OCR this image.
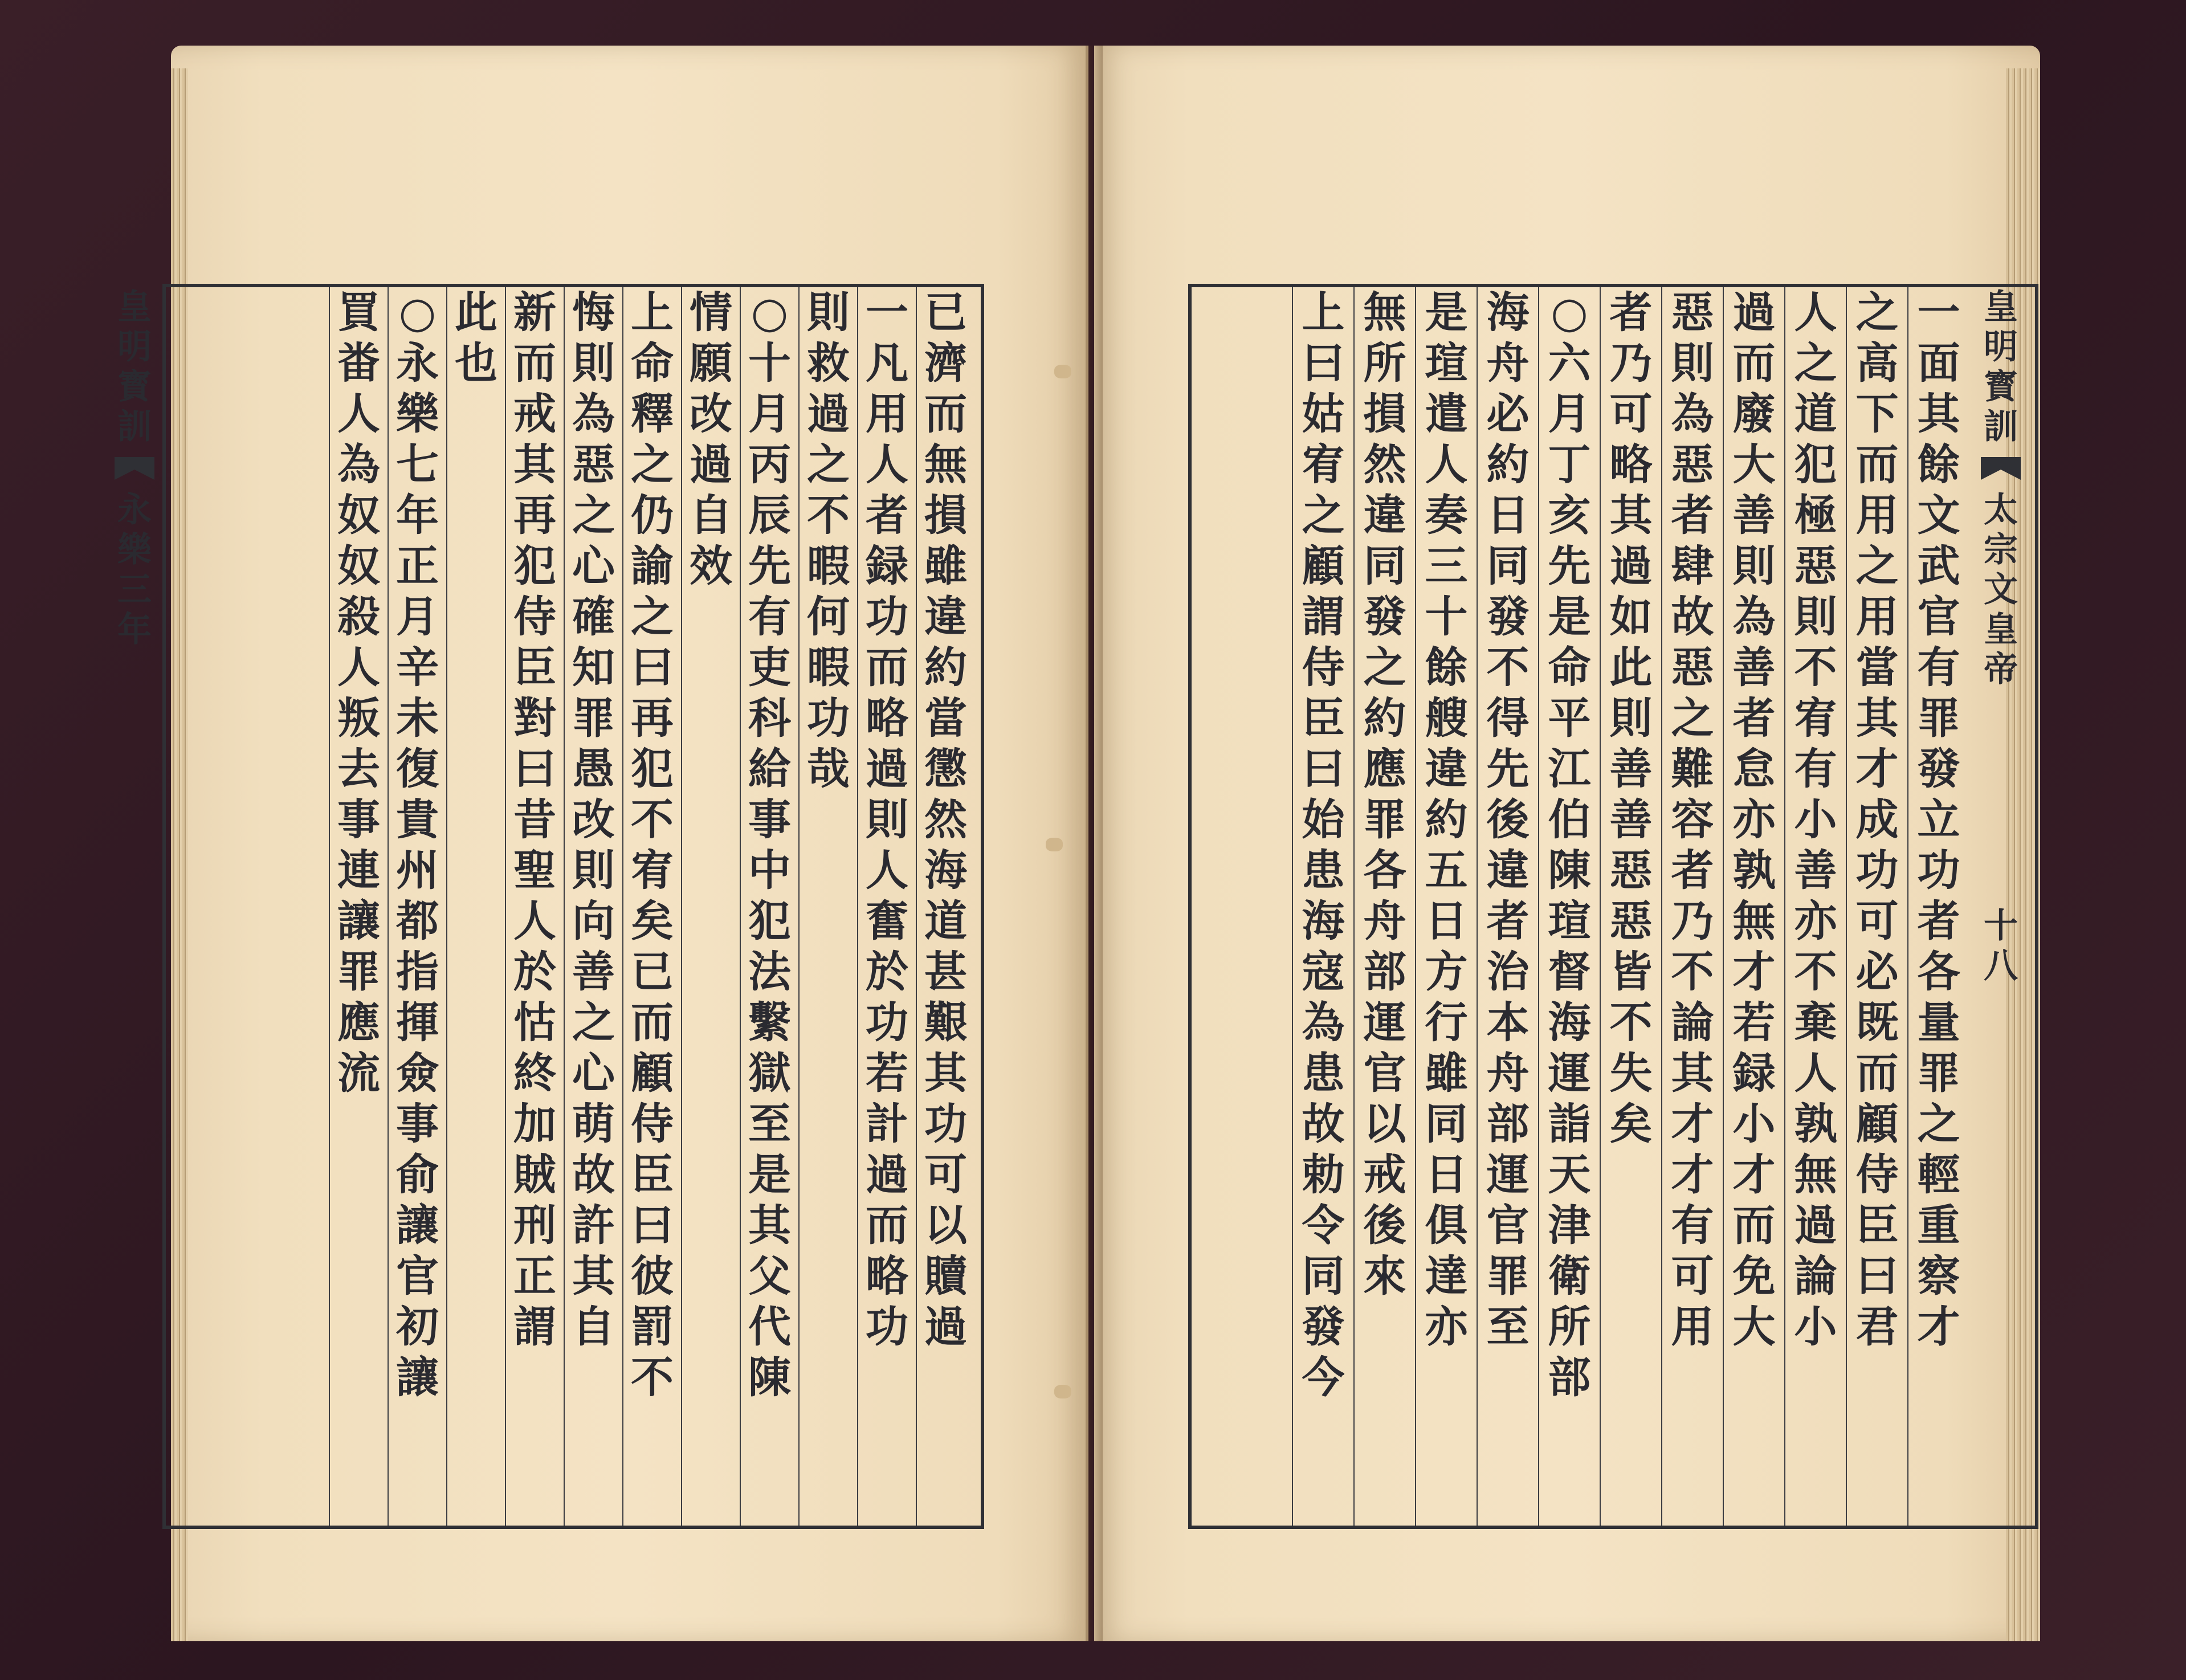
已
濟
而
無
損
雖
違
約
當
懲
然
海
道
甚
艱
其
功
可
以
贖
過
一
凡
用
人
者
録
功
而
略
過
則
人
奮
於
功
若
計
過
而
略
功
則
救
過
之
不
暇
何
暇
功
哉
○
十
月
丙
辰
先
有
吏
科
給
事
中
犯
法
繫
獄
至
是
其
父
代
陳
情
願
改
過
自
效
上
命
釋
之
仍
諭
之
曰
再
犯
不
宥
矣
已
而
顧
侍
臣
曰
彼
罰
不
悔
則
為
惡
之
心
確
知
罪
愚
改
則
向
善
之
心
萌
故
許
其
自
新
而
戒
其
再
犯
侍
臣
對
曰
昔
聖
人
於
怙
終
加
賊
刑
正
謂
此
也
○
永
樂
七
年
正
月
辛
未
復
貴
州
都
指
揮
僉
事
俞
讓
官
初
讓
買
畨
人
為
奴
奴
殺
人
叛
去
事
連
讓
罪
應
流
皇
明
寳
訓
永
樂
三
年
一
面
其
餘
文
武
官
有
罪
發
立
功
者
各
量
罪
之
輕
重
察
才
之
高
下
而
用
之
用
當
其
才
成
功
可
必
既
而
顧
侍
臣
曰
君
人
之
道
犯
極
惡
則
不
宥
有
小
善
亦
不
棄
人
孰
無
過
論
小
過
而
廢
大
善
則
為
善
者
怠
亦
孰
無
才
若
録
小
才
而
免
大
惡
則
為
惡
者
肆
故
惡
之
難
容
者
乃
不
論
其
才
才
有
可
用
者
乃
可
略
其
過
如
此
則
善
善
惡
惡
皆
不
失
矣
○
六
月
丁
亥
先
是
命
平
江
伯
陳
瑄
督
海
運
詣
天
津
衛
所
部
海
舟
必
約
日
同
發
不
得
先
後
違
者
治
本
舟
部
運
官
罪
至
是
瑄
遣
人
奏
三
十
餘
艘
違
約
五
日
方
行
雖
同
日
俱
達
亦
無
所
損
然
違
同
發
之
約
應
罪
各
舟
部
運
官
以
戒
後
來
上
曰
姑
宥
之
顧
謂
侍
臣
曰
始
患
海
寇
為
患
故
勅
令
同
發
今
皇
明
寳
訓
太
宗
文
皇
帝
十
八
